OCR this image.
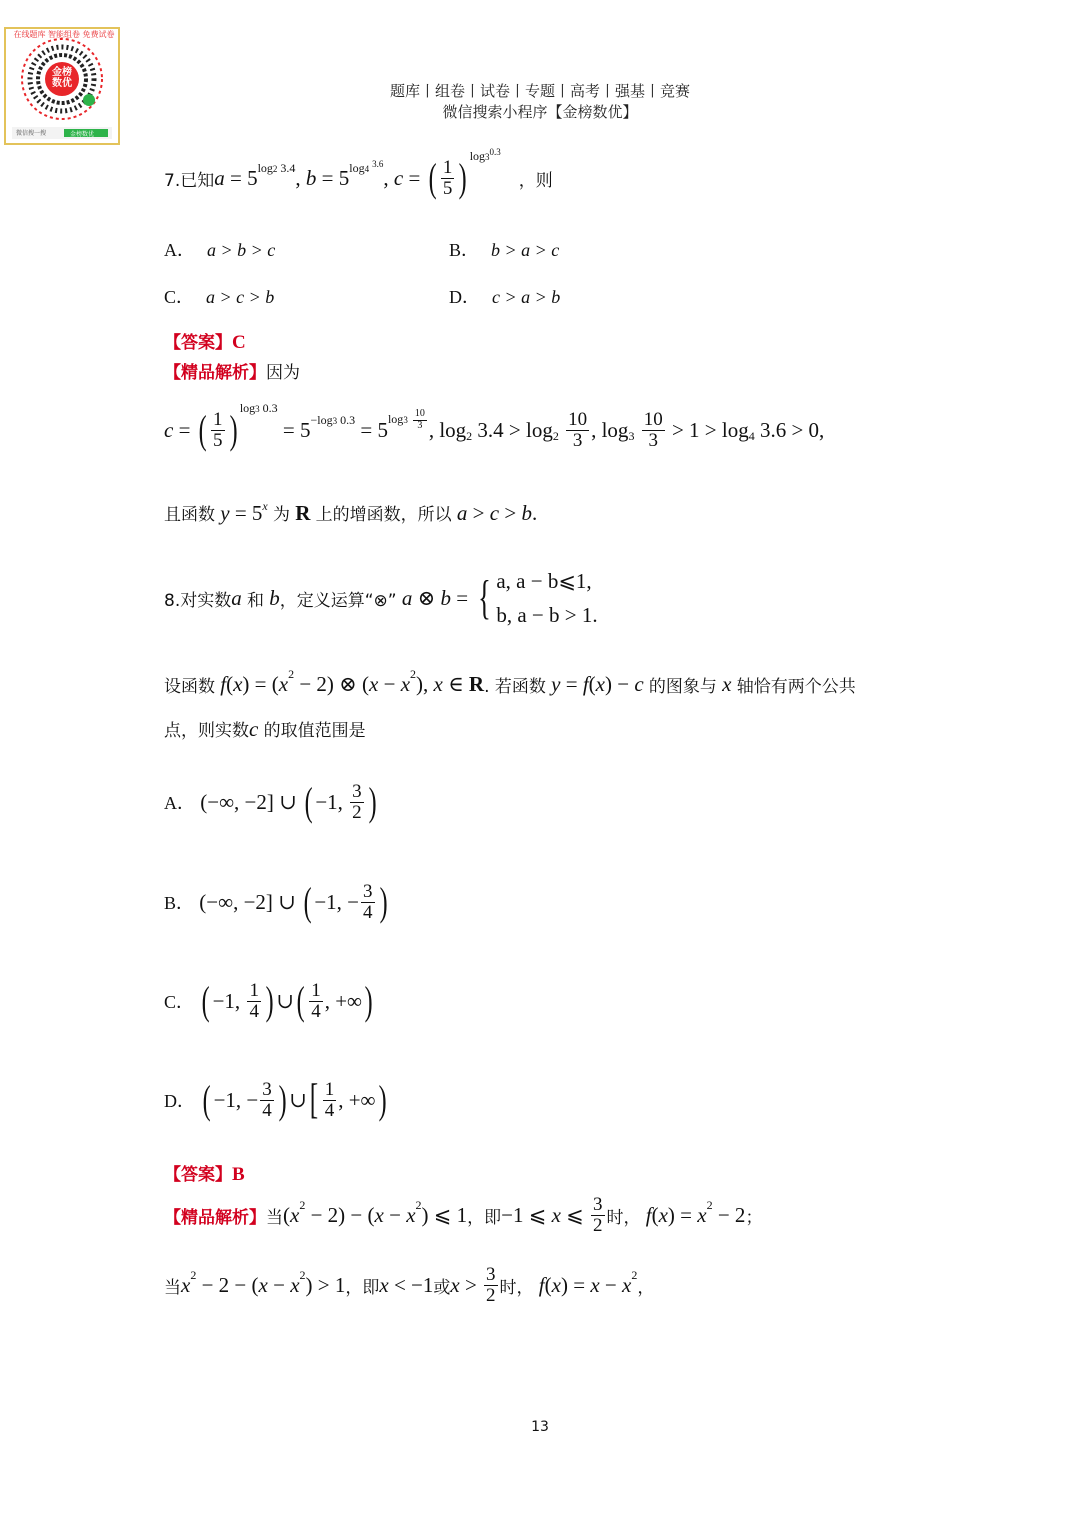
在线题库 智能组卷 免费试卷
金榜
数优
微信搜一搜	金榜数优
题库丨组卷丨试卷丨专题丨高考丨强基丨竞赛
微信搜索小程序【金榜数优】
7.已知 a = 5 log2 3.4 , b = 5 log4 $^{3.6}$
, c = ( $\frac{1}{5}$ ) $\log 3^{0.3}$
，则
A． a > b > c	B． b > a > c
C． a > c > b	D． c > a > b
【答案】C
【精品解析】因为
c = ( $\frac{1}{5}$ ) log3 0.3
= 5 −log3 0.3 = 5 $\log 3 \frac{10}{3}$ , log 2 3.4 > log 2
$\frac{10}{3}$ , log 3
$\frac{10}{3} > 1 > \log 4$ 3.6 > 0,
且函数
y = 5 x
为
R
上的增函数，所以
a > c > b .
8.对实数 a
和
b ，定义运算“⊗”
a ⊗ b = { a, a − b⩽1,
b, a − b > 1.
设函数
f ( x ) = ( x 2 − 2) ⊗ ( x − x 2 ), x ∈ R . 若函数
y = f ( x ) − c
的图象与
x
轴恰有两个公共
点，则实数 c
的取值范围是
A． (−∞, −2] ∪ ( −1, $\frac{3}{2}$ )
B． (−∞, −2] ∪ ( −1, − $\frac{3}{4}$ )
C．
( −1, $\frac{1}{4}$ ) ∪ ( $\frac{1}{4}$ , +∞ )
D．
( −1, − $\frac{3}{4}$ ) ∪ [ $\frac{1}{4}$ , +∞ )
【答案】B
【精品解析】 当 ( x 2 − 2) − ( x − x 2 ) ⩽ 1 ，即 −1 ⩽ x ⩽ $\frac{3}{2}$ 时，
f ( x ) = x 2 − 2 ；
当 x 2 − 2 − ( x − x 2 ) > 1 ，即 x < −1 或 $x > \frac{3}{2}$ 时，
f ( x ) = x − x 2
，
13
